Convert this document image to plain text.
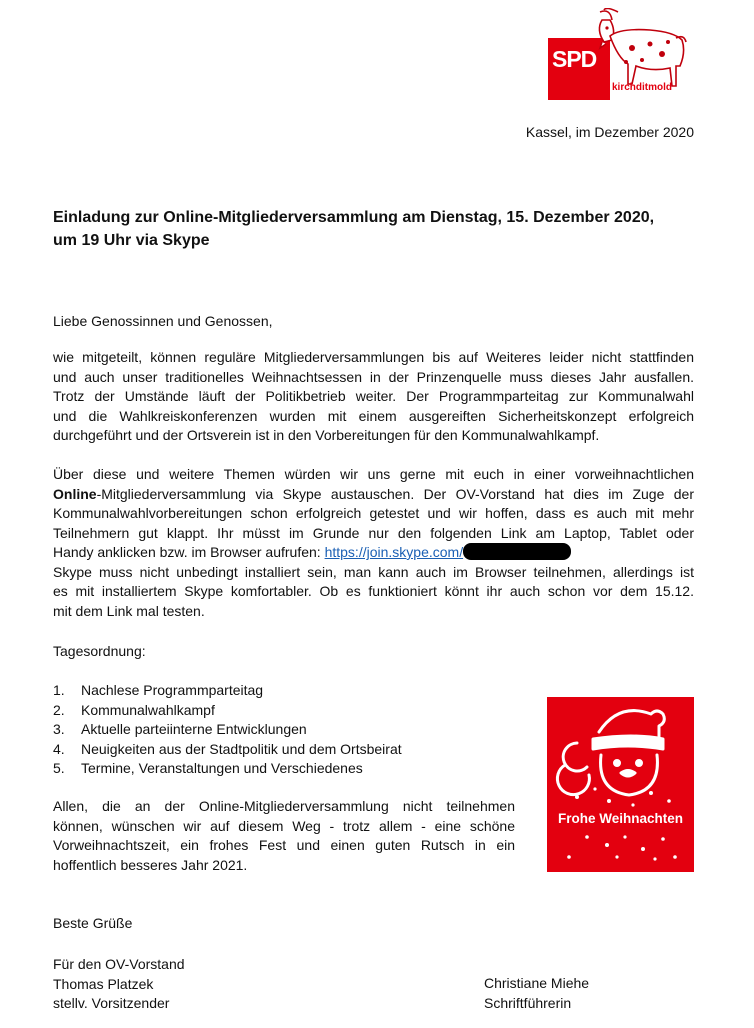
SPD
kirchditmold
Kassel, im Dezember 2020
Einladung zur Online-Mitgliederversammlung am Dienstag, 15. Dezember 2020,
um 19 Uhr via Skype
Liebe Genossinnen und Genossen,
wie mitgeteilt, können reguläre Mitgliederversammlungen bis auf Weiteres leider nicht stattfinden
und auch unser traditionelles Weihnachtsessen in der Prinzenquelle muss dieses Jahr ausfallen.
Trotz der Umstände läuft der Politikbetrieb weiter. Der Programmparteitag zur Kommunalwahl
und die Wahlkreiskonferenzen wurden mit einem ausgereiften Sicherheitskonzept erfolgreich
durchgeführt und der Ortsverein ist in den Vorbereitungen für den Kommunalwahlkampf.
Über diese und weitere Themen würden wir uns gerne mit euch in einer vorweihnachtlichen
Online-Mitgliederversammlung via Skype austauschen. Der OV-Vorstand hat dies im Zuge der
Kommunalwahlvorbereitungen schon erfolgreich getestet und wir hoffen, dass es auch mit mehr
Teilnehmern gut klappt. Ihr müsst im Grunde nur den folgenden Link am Laptop, Tablet oder
Handy anklicken bzw. im Browser aufrufen: https://join.skype.com/
Skype muss nicht unbedingt installiert sein, man kann auch im Browser teilnehmen, allerdings ist
es mit installiertem Skype komfortabler. Ob es funktioniert könnt ihr auch schon vor dem 15.12.
mit dem Link mal testen.
Tagesordnung:
1.	Nachlese Programmparteitag
2.	Kommunalwahlkampf
3.	Aktuelle parteiinterne Entwicklungen
4.	Neuigkeiten aus der Stadtpolitik und dem Ortsbeirat
5.	Termine, Veranstaltungen und Verschiedenes
Allen, die an der Online-Mitgliederversammlung nicht teilnehmen
können, wünschen wir auf diesem Weg - trotz allem - eine schöne
Vorweihnachtszeit, ein frohes Fest und einen guten Rutsch in ein
hoffentlich besseres Jahr 2021.
Frohe Weihnachten
Beste Grüße
Für den OV-Vorstand
Thomas Platzek
stellv. Vorsitzender
Christiane Miehe
Schriftführerin
